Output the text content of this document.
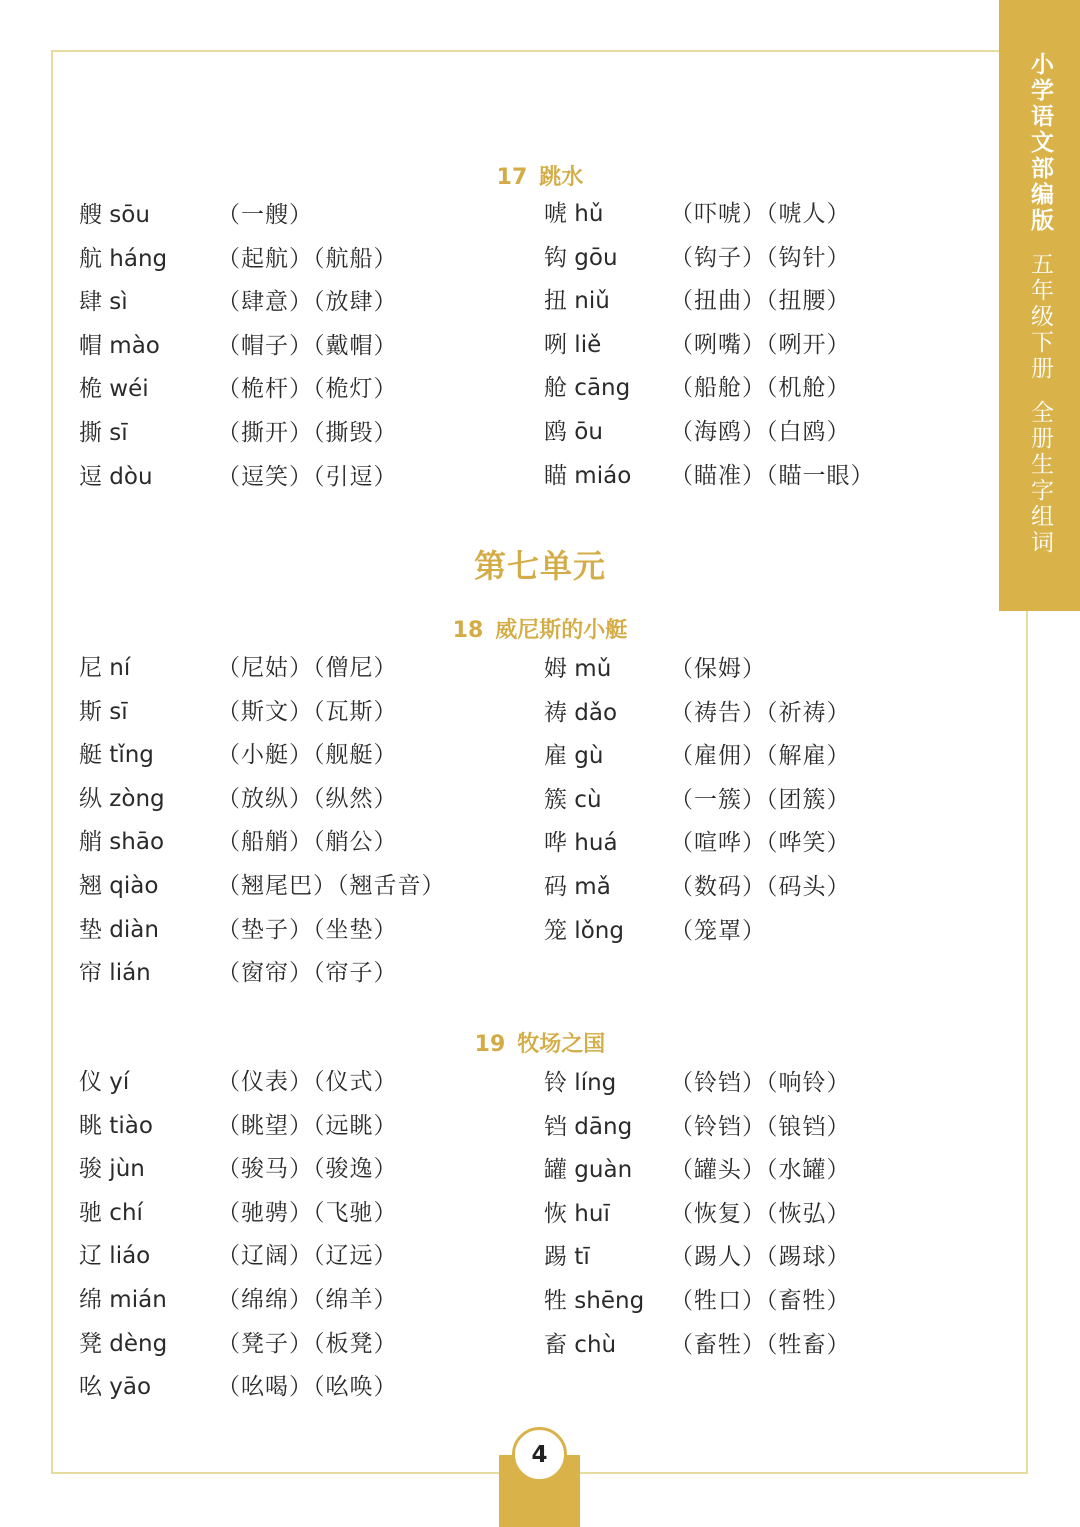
小学语文部编版
五年级下册
全册生字组词
17 跳水
艘 sōu	（一艘）
航 háng （起航）（航船）
肆 sì	（肆意）（放肆）
帽 mào （帽子）（戴帽）
桅 wéi	（桅杆）（桅灯）
撕 sī	（撕开）（撕毁）
逗 dòu	（逗笑）（引逗）
唬 hǔ	（吓唬）（唬人）
钩 gōu （钩子）（钩针）
扭 niǔ	（扭曲）（扭腰）
咧 liě	（咧嘴）（咧开）
舱 cāng （船舱）（机舱）
鸥 ōu	（海鸥）（白鸥）
瞄 miáo （瞄准）（瞄一眼）
第七单元
18 威尼斯的小艇
尼 ní	（尼姑）（僧尼）
斯 sī	（斯文）（瓦斯）
艇 tǐng	（小艇）（舰艇）
纵 zòng （放纵）（纵然）
艄 shāo （船艄）（艄公）
翘 qiào	（翘尾巴）（翘舌音）
垫 diàn	（垫子）（坐垫）
帘 lián	（窗帘）（帘子）
姆 mǔ	（保姆）
祷 dǎo （祷告）（祈祷）
雇 gù	（雇佣）（解雇）
簇 cù	（一簇）（团簇）
哗 huá （喧哗）（哗笑）
码 mǎ	（数码）（码头）
笼 lǒng （笼罩）
19 牧场之国
仪 yí	（仪表）（仪式）
眺 tiào	（眺望）（远眺）
骏 jùn	（骏马）（骏逸）
驰 chí	（驰骋）（飞驰）
辽 liáo	（辽阔）（辽远）
绵 mián （绵绵）（绵羊）
凳 dèng （凳子）（板凳）
吆 yāo	（吆喝）（吆唤）
铃 líng （铃铛）（响铃）
铛 dāng （铃铛）（锒铛）
罐 guàn （罐头）（水罐）
恢 huī	（恢复）（恢弘）
踢 tī	（踢人）（踢球）
牲 shēng （牲口）（畜牲）
畜 chù （畜牲）（牲畜）
4
